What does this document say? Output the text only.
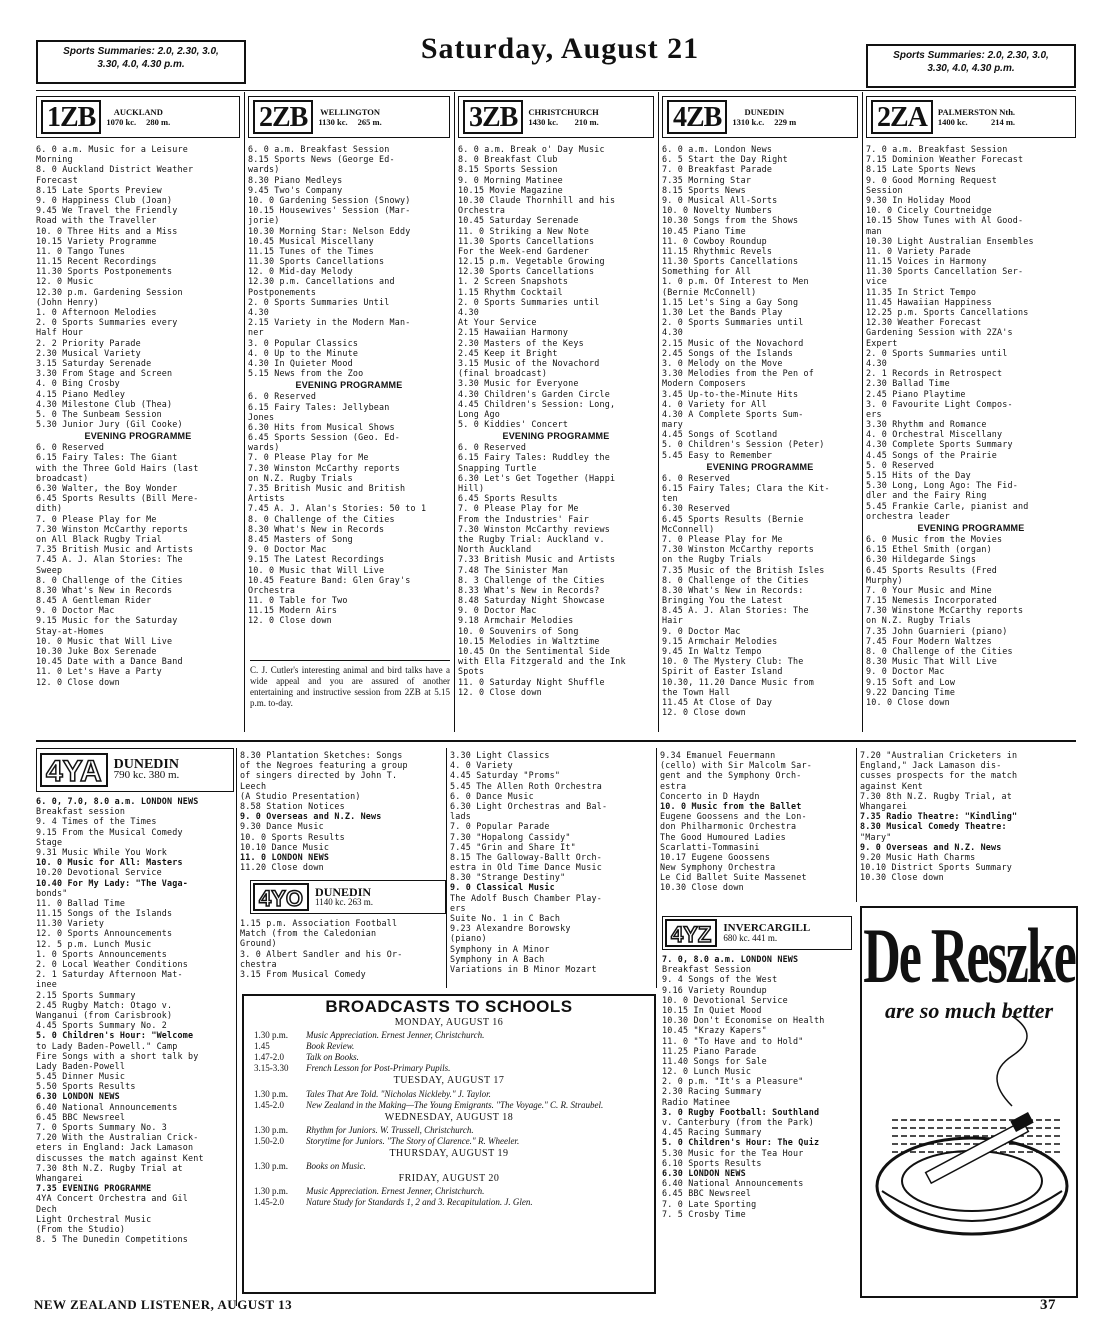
Sports Summaries: 2.0, 2.30, 3.0,
3.30, 4.0, 4.30 p.m.	Saturday, August 21	Sports Summaries: 2.0, 2.30, 3.0,
3.30, 4.0, 4.30 p.m.
1ZB	AUCKLAND
1070 kc. 280 m.
6. 0 a.m. Music for a Leisure
Morning
8. 0 Auckland District Weather
Forecast
8.15 Late Sports Preview
9. 0 Happiness Club (Joan)
9.45 We Travel the Friendly
Road with the Traveller
10. 0 Three Hits and a Miss
10.15 Variety Programme
11. 0 Tango Tunes
11.15 Recent Recordings
11.30 Sports Postponements
12. 0 Music
12.30 p.m. Gardening Session
(John Henry)
1. 0 Afternoon Melodies
2. 0 Sports Summaries every
Half Hour
2. 2 Priority Parade
2.30 Musical Variety
3.15 Saturday Serenade
3.30 From Stage and Screen
4. 0 Bing Crosby
4.15 Piano Medley
4.30 Milestone Club (Thea)
5. 0 The Sunbeam Session
5.30 Junior Jury (Gil Cooke)
EVENING PROGRAMME
6. 0 Reserved
6.15 Fairy Tales: The Giant
with the Three Gold Hairs (last
broadcast)
6.30 Walter, the Boy Wonder
6.45 Sports Results (Bill Mere-
dith)
7. 0 Please Play for Me
7.30 Winston McCarthy reports
on All Black Rugby Trial
7.35 British Music and Artists
7.45 A. J. Alan Stories: The
Sweep
8. 0 Challenge of the Cities
8.30 What's New in Records
8.45 A Gentleman Rider
9. 0 Doctor Mac
9.15 Music for the Saturday
Stay-at-Homes
10. 0 Music that Will Live
10.30 Juke Box Serenade
10.45 Date with a Dance Band
11. 0 Let's Have a Party
12. 0 Close down
2ZB	WELLINGTON
1130 kc. 265 m.
6. 0 a.m. Breakfast Session
8.15 Sports News (George Ed-
wards)
8.30 Piano Medleys
9.45 Two's Company
10. 0 Gardening Session (Snowy)
10.15 Housewives' Session (Mar-
jorie)
10.30 Morning Star: Nelson Eddy
10.45 Musical Miscellany
11.15 Tunes of the Times
11.30 Sports Cancellations
12. 0 Mid-day Melody
12.30 p.m. Cancellations and
Postponements
2. 0 Sports Summaries Until
4.30
2.15 Variety in the Modern Man-
ner
3. 0 Popular Classics
4. 0 Up to the Minute
4.30 In Quieter Mood
5.15 News from the Zoo
EVENING PROGRAMME
6. 0 Reserved
6.15 Fairy Tales: Jellybean
Jones
6.30 Hits from Musical Shows
6.45 Sports Session (Geo. Ed-
wards)
7. 0 Please Play for Me
7.30 Winston McCarthy reports
on N.Z. Rugby Trials
7.35 British Music and British
Artists
7.45 A. J. Alan's Stories: 50 to 1
8. 0 Challenge of the Cities
8.30 What's New in Records
8.45 Masters of Song
9. 0 Doctor Mac
9.15 The Latest Recordings
10. 0 Music that Will Live
10.45 Feature Band: Glen Gray's
Orchestra
11. 0 Table for Two
11.15 Modern Airs
12. 0 Close down
3ZB	CHRISTCHURCH
1430 kc. 210 m.
6. 0 a.m. Break o' Day Music
8. 0 Breakfast Club
8.15 Sports Session
9. 0 Morning Matinee
10.15 Movie Magazine
10.30 Claude Thornhill and his
Orchestra
10.45 Saturday Serenade
11. 0 Striking a New Note
11.30 Sports Cancellations
For the Week-end Gardener
12.15 p.m. Vegetable Growing
12.30 Sports Cancellations
1. 2 Screen Snapshots
1.15 Rhythm Cocktail
2. 0 Sports Summaries until
4.30
At Your Service
2.15 Hawaiian Harmony
2.30 Masters of the Keys
2.45 Keep it Bright
3.15 Music of the Novachord
(final broadcast)
3.30 Music for Everyone
4.30 Children's Garden Circle
4.45 Children's Session: Long,
Long Ago
5. 0 Kiddies' Concert
EVENING PROGRAMME
6. 0 Reserved
6.15 Fairy Tales: Ruddley the
Snapping Turtle
6.30 Let's Get Together (Happi
Hill)
6.45 Sports Results
7. 0 Please Play for Me
From the Industries' Fair
7.30 Winston McCarthy reviews
the Rugby Trial: Auckland v.
North Auckland
7.33 British Music and Artists
7.48 The Sinister Man
8. 3 Challenge of the Cities
8.33 What's New in Records?
8.48 Saturday Night Showcase
9. 0 Doctor Mac
9.18 Armchair Melodies
10. 0 Souvenirs of Song
10.15 Melodies in Waltztime
10.45 On the Sentimental Side
with Ella Fitzgerald and the Ink
Spots
11. 0 Saturday Night Shuffle
12. 0 Close down
4ZB	DUNEDIN
1310 k.c. 229 m
6. 0 a.m. London News
6. 5 Start the Day Right
7. 0 Breakfast Parade
7.35 Morning Star
8.15 Sports News
9. 0 Musical All-Sorts
10. 0 Novelty Numbers
10.30 Songs from the Shows
10.45 Piano Time
11. 0 Cowboy Roundup
11.15 Rhythmic Revels
11.30 Sports Cancellations
Something for All
1. 0 p.m. Of Interest to Men
(Bernie McConnell)
1.15 Let's Sing a Gay Song
1.30 Let the Bands Play
2. 0 Sports Summaries until
4.30
2.15 Music of the Novachord
2.45 Songs of the Islands
3. 0 Melody on the Move
3.30 Melodies from the Pen of
Modern Composers
3.45 Up-to-the-Minute Hits
4. 0 Variety for All
4.30 A Complete Sports Sum-
mary
4.45 Songs of Scotland
5. 0 Children's Session (Peter)
5.45 Easy to Remember
EVENING PROGRAMME
6. 0 Reserved
6.15 Fairy Tales; Clara the Kit-
ten
6.30 Reserved
6.45 Sports Results (Bernie
McConnell)
7. 0 Please Play for Me
7.30 Winston McCarthy reports
on the Rugby Trials
7.35 Music of the British Isles
8. 0 Challenge of the Cities
8.30 What's New in Records:
Bringing You the Latest
8.45 A. J. Alan Stories: The
Hair
9. 0 Doctor Mac
9.15 Armchair Melodies
9.45 In Waltz Tempo
10. 0 The Mystery Club: The
Spirit of Easter Island
10.30, 11.20 Dance Music from
the Town Hall
11.45 At Close of Day
12. 0 Close down
2ZA	PALMERSTON Nth.
1400 kc.	214 m.
7. 0 a.m. Breakfast Session
7.15 Dominion Weather Forecast
8.15 Late Sports News
9. 0 Good Morning Request
Session
9.30 In Holiday Mood
10. 0 Cicely Courtneidge
10.15 Show Tunes with Al Good-
man
10.30 Light Australian Ensembles
11. 0 Variety Parade
11.15 Voices in Harmony
11.30 Sports Cancellation Ser-
vice
11.35 In Strict Tempo
11.45 Hawaiian Happiness
12.25 p.m. Sports Cancellations
12.30 Weather Forecast
Gardening Session with 2ZA's
Expert
2. 0 Sports Summaries until
4.30
2. 1 Records in Retrospect
2.30 Ballad Time
2.45 Piano Playtime
3. 0 Favourite Light Compos-
ers
3.30 Rhythm and Romance
4. 0 Orchestral Miscellany
4.30 Complete Sports Summary
4.45 Songs of the Prairie
5. 0 Reserved
5.15 Hits of the Day
5.30 Long, Long Ago: The Fid-
dler and the Fairy Ring
5.45 Frankie Carle, pianist and
orchestra leader
EVENING PROGRAMME
6. 0 Music from the Movies
6.15 Ethel Smith (organ)
6.30 Hildegarde Sings
6.45 Sports Results (Fred
Murphy)
7. 0 Your Music and Mine
7.15 Nemesis Incorporated
7.30 Winstone McCarthy reports
on N.Z. Rugby Trials
7.35 John Guarnieri (piano)
7.45 Four Modern Waltzes
8. 0 Challenge of the Cities
8.30 Music That Will Live
9. 0 Doctor Mac
9.15 Soft and Low
9.22 Dancing Time
10. 0 Close down
C. J. Cutler's interesting animal and bird talks have a wide appeal and you are assured of another entertaining and instructive session from 2ZB at 5.15 p.m. to-day.
4YA DUNEDIN
790 kc. 380 m.
6. 0, 7.0, 8.0 a.m. LONDON NEWS
Breakfast session
9. 4 Times of the Times
9.15 From the Musical Comedy
Stage
9.31 Music While You Work
10. 0 Music for All: Masters
10.20 Devotional Service
10.40 For My Lady: "The Vaga-
bonds"
11. 0 Ballad Time
11.15 Songs of the Islands
11.30 Variety
12. 0 Sports Announcements
12. 5 p.m. Lunch Music
1. 0 Sports Announcements
2. 0 Local Weather Conditions
2. 1 Saturday Afternoon Mat-
inee
2.15 Sports Summary
2.45 Rugby Match: Otago v.
Wanganui (from Carisbrook)
4.45 Sports Summary No. 2
5. 0 Children's Hour: "Welcome
to Lady Baden-Powell." Camp
Fire Songs with a short talk by
Lady Baden-Powell
5.45 Dinner Music
5.50 Sports Results
6.30 LONDON NEWS
6.40 National Announcements
6.45 BBC Newsreel
7. 0 Sports Summary No. 3
7.20 With the Australian Crick-
eters in England: Jack Lamason
discusses the match against Kent
7.30 8th N.Z. Rugby Trial at
Whangarei
7.35 EVENING PROGRAMME
4YA Concert Orchestra and Gil
Dech
Light Orchestral Music
(From the Studio)
8. 5 The Dunedin Competitions
8.30 Plantation Sketches: Songs
of the Negroes featuring a group
of singers directed by John T.
Leech
(A Studio Presentation)
8.58 Station Notices
9. 0 Overseas and N.Z. News
9.30 Dance Music
10. 0 Sports Results
10.10 Dance Music
11. 0 LONDON NEWS
11.20 Close down
4YO	DUNEDIN
1140 kc. 263 m.
1.15 p.m. Association Football
Match (from the Caledonian
Ground)
3. 0 Albert Sandler and his Or-
chestra
3.15 From Musical Comedy
3.30 Light Classics
4. 0 Variety
4.45 Saturday "Proms"
5.45 The Allen Roth Orchestra
6. 0 Dance Music
6.30 Light Orchestras and Bal-
lads
7. 0 Popular Parade
7.30 "Hopalong Cassidy"
7.45 "Grin and Share It"
8.15 The Galloway-Ballt Orch-
estra in Old Time Dance Music
8.30 "Strange Destiny"
9. 0 Classical Music
The Adolf Busch Chamber Play-
ers
Suite No. 1 in C Bach
9.23 Alexandre Borowsky
(piano)
Symphony in A Minor
Symphony in A Bach
Variations in B Minor Mozart
9.34 Emanuel Feuermann
(cello) with Sir Malcolm Sar-
gent and the Symphony Orch-
estra
Concerto in D Haydn
10. 0 Music from the Ballet
Eugene Goossens and the Lon-
don Philharmonic Orchestra
The Good Humoured Ladies
Scarlatti-Tommasini
10.17 Eugene Goossens
New Symphony Orchestra
Le Cid Ballet Suite Massenet
10.30 Close down
7.20 "Australian Cricketers in
England," Jack Lamason dis-
cusses prospects for the match
against Kent
7.30 8th N.Z. Rugby Trial, at
Whangarei
7.35 Radio Theatre: "Kindling"
8.30 Musical Comedy Theatre:
"Mary"
9. 0 Overseas and N.Z. News
9.20 Music Hath Charms
10.10 District Sports Summary
10.30 Close down
BROADCASTS TO SCHOOLS
MONDAY, AUGUST 16
1.30 p.m.	Music Appreciation. Ernest Jenner, Christchurch.
1.45	Book Review.
1.47-2.0	Talk on Books.
3.15-3.30	French Lesson for Post-Primary Pupils.
TUESDAY, AUGUST 17
1.30 p.m.	Tales That Are Told. "Nicholas Nickleby." J. Taylor.
1.45-2.0	New Zealand in the Making—The Young Emigrants. "The Voyage." C. R. Straubel.
WEDNESDAY, AUGUST 18
1.30 p.m.	Rhythm for Juniors. W. Trussell, Christchurch.
1.50-2.0	Storytime for Juniors. "The Story of Clarence." R. Wheeler.
THURSDAY, AUGUST 19
1.30 p.m.	Books on Music.
FRIDAY, AUGUST 20
1.30 p.m.	Music Appreciation. Ernest Jenner, Christchurch.
1.45-2.0	Nature Study for Standards 1, 2 and 3. Recapitulation. J. Glen.
4YZ	INVERCARGILL
680 kc. 441 m.
7. 0, 8.0 a.m. LONDON NEWS
Breakfast Session
9. 4 Songs of the West
9.16 Variety Roundup
10. 0 Devotional Service
10.15 In Quiet Mood
10.30 Don't Economise on Health
10.45 "Krazy Kapers"
11. 0 "To Have and to Hold"
11.25 Piano Parade
11.40 Songs for Sale
12. 0 Lunch Music
2. 0 p.m. "It's a Pleasure"
2.30 Racing Summary
Radio Matinee
3. 0 Rugby Football: Southland
v. Canterbury (from the Park)
4.45 Racing Summary
5. 0 Children's Hour: The Quiz
5.30 Music for the Tea Hour
6.10 Sports Results
6.30 LONDON NEWS
6.40 National Announcements
6.45 BBC Newsreel
7. 0 Late Sporting
7. 5 Crosby Time
De Reszke
are so much better
NEW ZEALAND LISTENER, AUGUST 13	37
